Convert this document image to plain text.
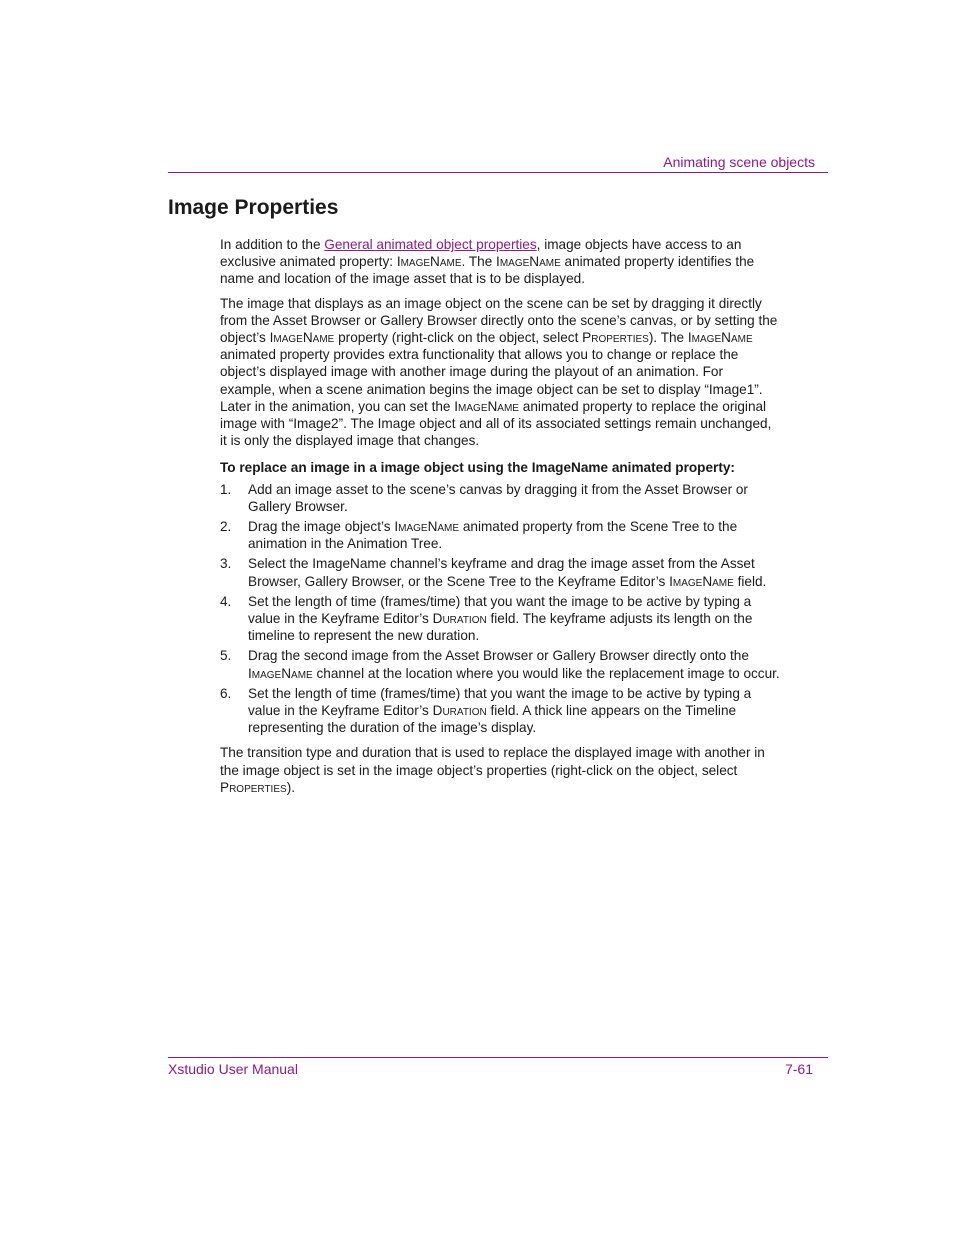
Animating scene objects
Image Properties

In addition to the General animated object properties, image objects have access to an exclusive animated property: ImageName. The ImageName animated property identifies the name and location of the image asset that is to be displayed.

The image that displays as an image object on the scene can be set by dragging it directly from the Asset Browser or Gallery Browser directly onto the scene’s canvas, or by setting the object’s ImageName property (right-click on the object, select Properties). The ImageName animated property provides extra functionality that allows you to change or replace the object’s displayed image with another image during the playout of an animation. For example, when a scene animation begins the image object can be set to display “Image1”. Later in the animation, you can set the ImageName animated property to replace the original image with “Image2”. The Image object and all of its associated settings remain unchanged, it is only the displayed image that changes.

To replace an image in a image object using the ImageName animated property:

1. Add an image asset to the scene’s canvas by dragging it from the Asset Browser or Gallery Browser.
2. Drag the image object’s ImageName animated property from the Scene Tree to the animation in the Animation Tree.
3. Select the ImageName channel’s keyframe and drag the image asset from the Asset Browser, Gallery Browser, or the Scene Tree to the Keyframe Editor’s ImageName field.
4. Set the length of time (frames/time) that you want the image to be active by typing a value in the Keyframe Editor’s Duration field. The keyframe adjusts its length on the timeline to represent the new duration.
5. Drag the second image from the Asset Browser or Gallery Browser directly onto the ImageName channel at the location where you would like the replacement image to occur.
6. Set the length of time (frames/time) that you want the image to be active by typing a value in the Keyframe Editor’s Duration field. A thick line appears on the Timeline representing the duration of the image’s display.

The transition type and duration that is used to replace the displayed image with another in the image object is set in the image object’s properties (right-click on the object, select Properties).

Xstudio User Manual	7-61
